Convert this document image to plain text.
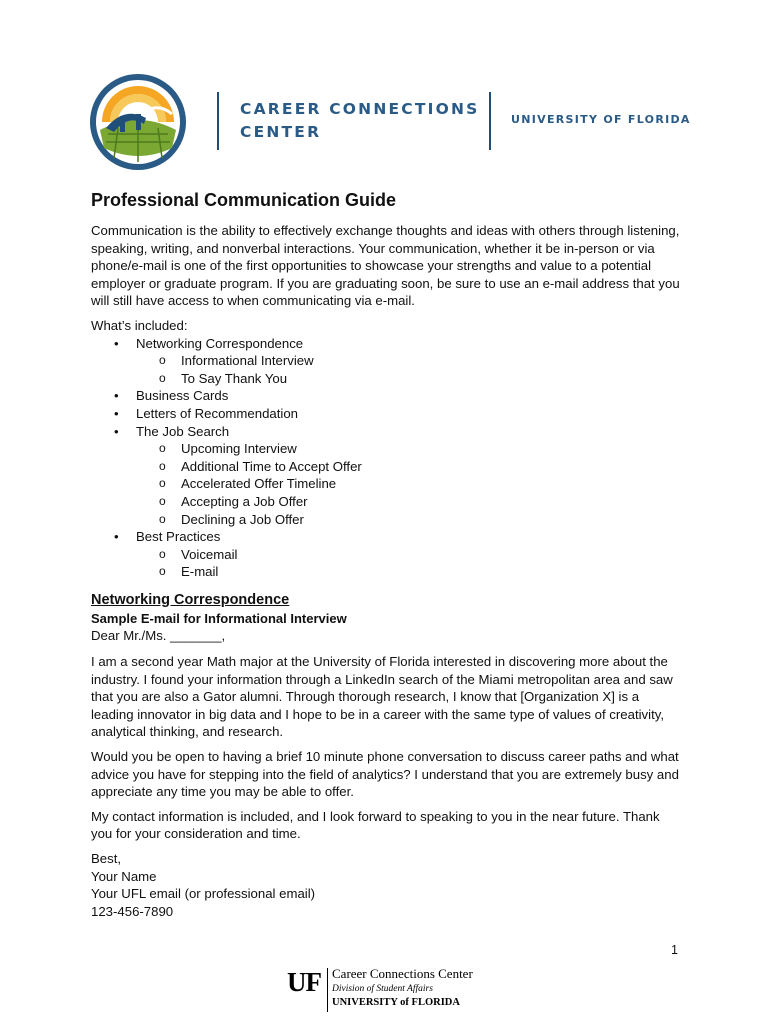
CAREER CONNECTIONS
CENTER
UNIVERSITY OF FLORIDA
Professional Communication Guide

Communication is the ability to effectively exchange thoughts and ideas with others through listening, speaking, writing, and nonverbal interactions. Your communication, whether it be in-person or via phone/e-mail is one of the first opportunities to showcase your strengths and value to a potential employer or graduate program. If you are graduating soon, be sure to use an e-mail address that you will still have access to when communicating via e-mail.

What’s included:
• Networking Correspondence
o Informational Interview
o To Say Thank You
• Business Cards
• Letters of Recommendation
• The Job Search
o Upcoming Interview
o Additional Time to Accept Offer
o Accelerated Offer Timeline
o Accepting a Job Offer
o Declining a Job Offer
• Best Practices
o Voicemail
o E-mail
Networking Correspondence
Sample E-mail for Informational Interview
Dear Mr./Ms. _______,

I am a second year Math major at the University of Florida interested in discovering more about the industry. I found your information through a LinkedIn search of the Miami metropolitan area and saw that you are also a Gator alumni. Through thorough research, I know that [Organization X] is a leading innovator in big data and I hope to be in a career with the same type of values of creativity, analytical thinking, and research.

Would you be open to having a brief 10 minute phone conversation to discuss career paths and what advice you have for stepping into the field of analytics? I understand that you are extremely busy and appreciate any time you may be able to offer.

My contact information is included, and I look forward to speaking to you in the near future. Thank you for your consideration and time.

Best,
Your Name
Your UFL email (or professional email)
123-456-7890
1
UF Career Connections Center
Division of Student Affairs
UNIVERSITY of FLORIDA
